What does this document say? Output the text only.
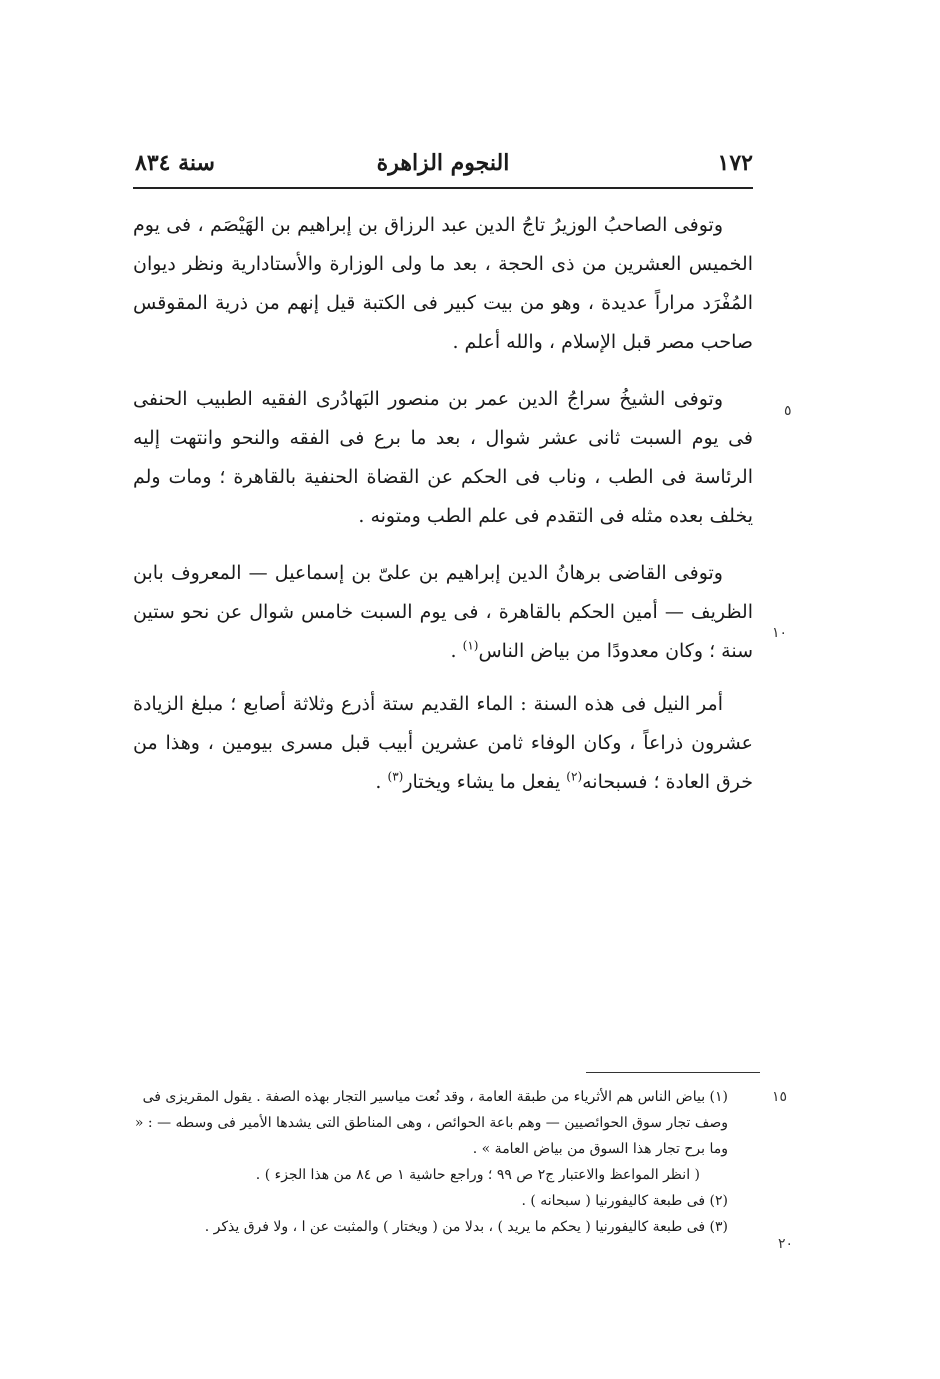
١٧٢
النجوم الزاهرة
سنة ٨٣٤
٥
١٠
١٥
٢٠

وتوفى الصاحبُ الوزيرُ تاجُ الدين عبد الرزاق بن إبراهيم بن الهَيْصَم ، فى يوم الخميس العشرين من ذى الحجة ، بعد ما ولى الوزارة والأستادارية ونظر ديوان المُفْرَد مراراً عديدة ، وهو من بيت كبير فى الكتبة قيل إنهم من ذرية المقوقس صاحب مصر قبل الإسلام ، والله أعلم .

وتوفى الشيخُ سراجُ الدين عمر بن منصور البَهادُرى الفقيه الطبيب الحنفى فى يوم السبت ثانى عشر شوال ، بعد ما برع فى الفقه والنحو وانتهت إليه الرئاسة فى الطب ، وناب فى الحكم عن القضاة الحنفية بالقاهرة ؛ ومات ولم يخلف بعده مثله فى التقدم فى علم الطب ومتونه .

وتوفى القاضى برهانُ الدين إبراهيم بن علىّ بن إسماعيل — المعروف بابن الظريف — أمين الحكم بالقاهرة ، فى يوم السبت خامس شوال عن نحو ستين سنة ؛ وكان معدودًا من بياض الناس$^{(١)}$ .

أمر النيل فى هذه السنة : الماء القديم ستة أذرع وثلاثة أصابع ؛ مبلغ الزيادة عشرون ذراعاً ، وكان الوفاء ثامن عشرين أبيب قبل مسرى بيومين ، وهذا من خرق العادة ؛ فسبحانه$^{(٢)}$ يفعل ما يشاء ويختار$^{(٣)}$ .

(١) بياض الناس هم الأثرياء من طبقة العامة ، وقد نُعت مياسير التجار بهذه الصفة . يقول المقريزى فى وصف تجار سوق الحوائصيين — وهم باعة الحوائص ، وهى المناطق التى يشدها الأمير فى وسطه — : « وما برح تجار هذا السوق من بياض العامة » .

( انظر المواعظ والاعتبار ج٢ ص ٩٩ ؛ وراجع حاشية ١ ص ٨٤ من هذا الجزء ) .

(٢) فى طبعة كاليفورنيا ( سبحانه ) .

(٣) فى طبعة كاليفورنيا ( يحكم ما يريد ) ، بدلا من ( ويختار ) والمثبت عن ا ، ولا فرق يذكر .
